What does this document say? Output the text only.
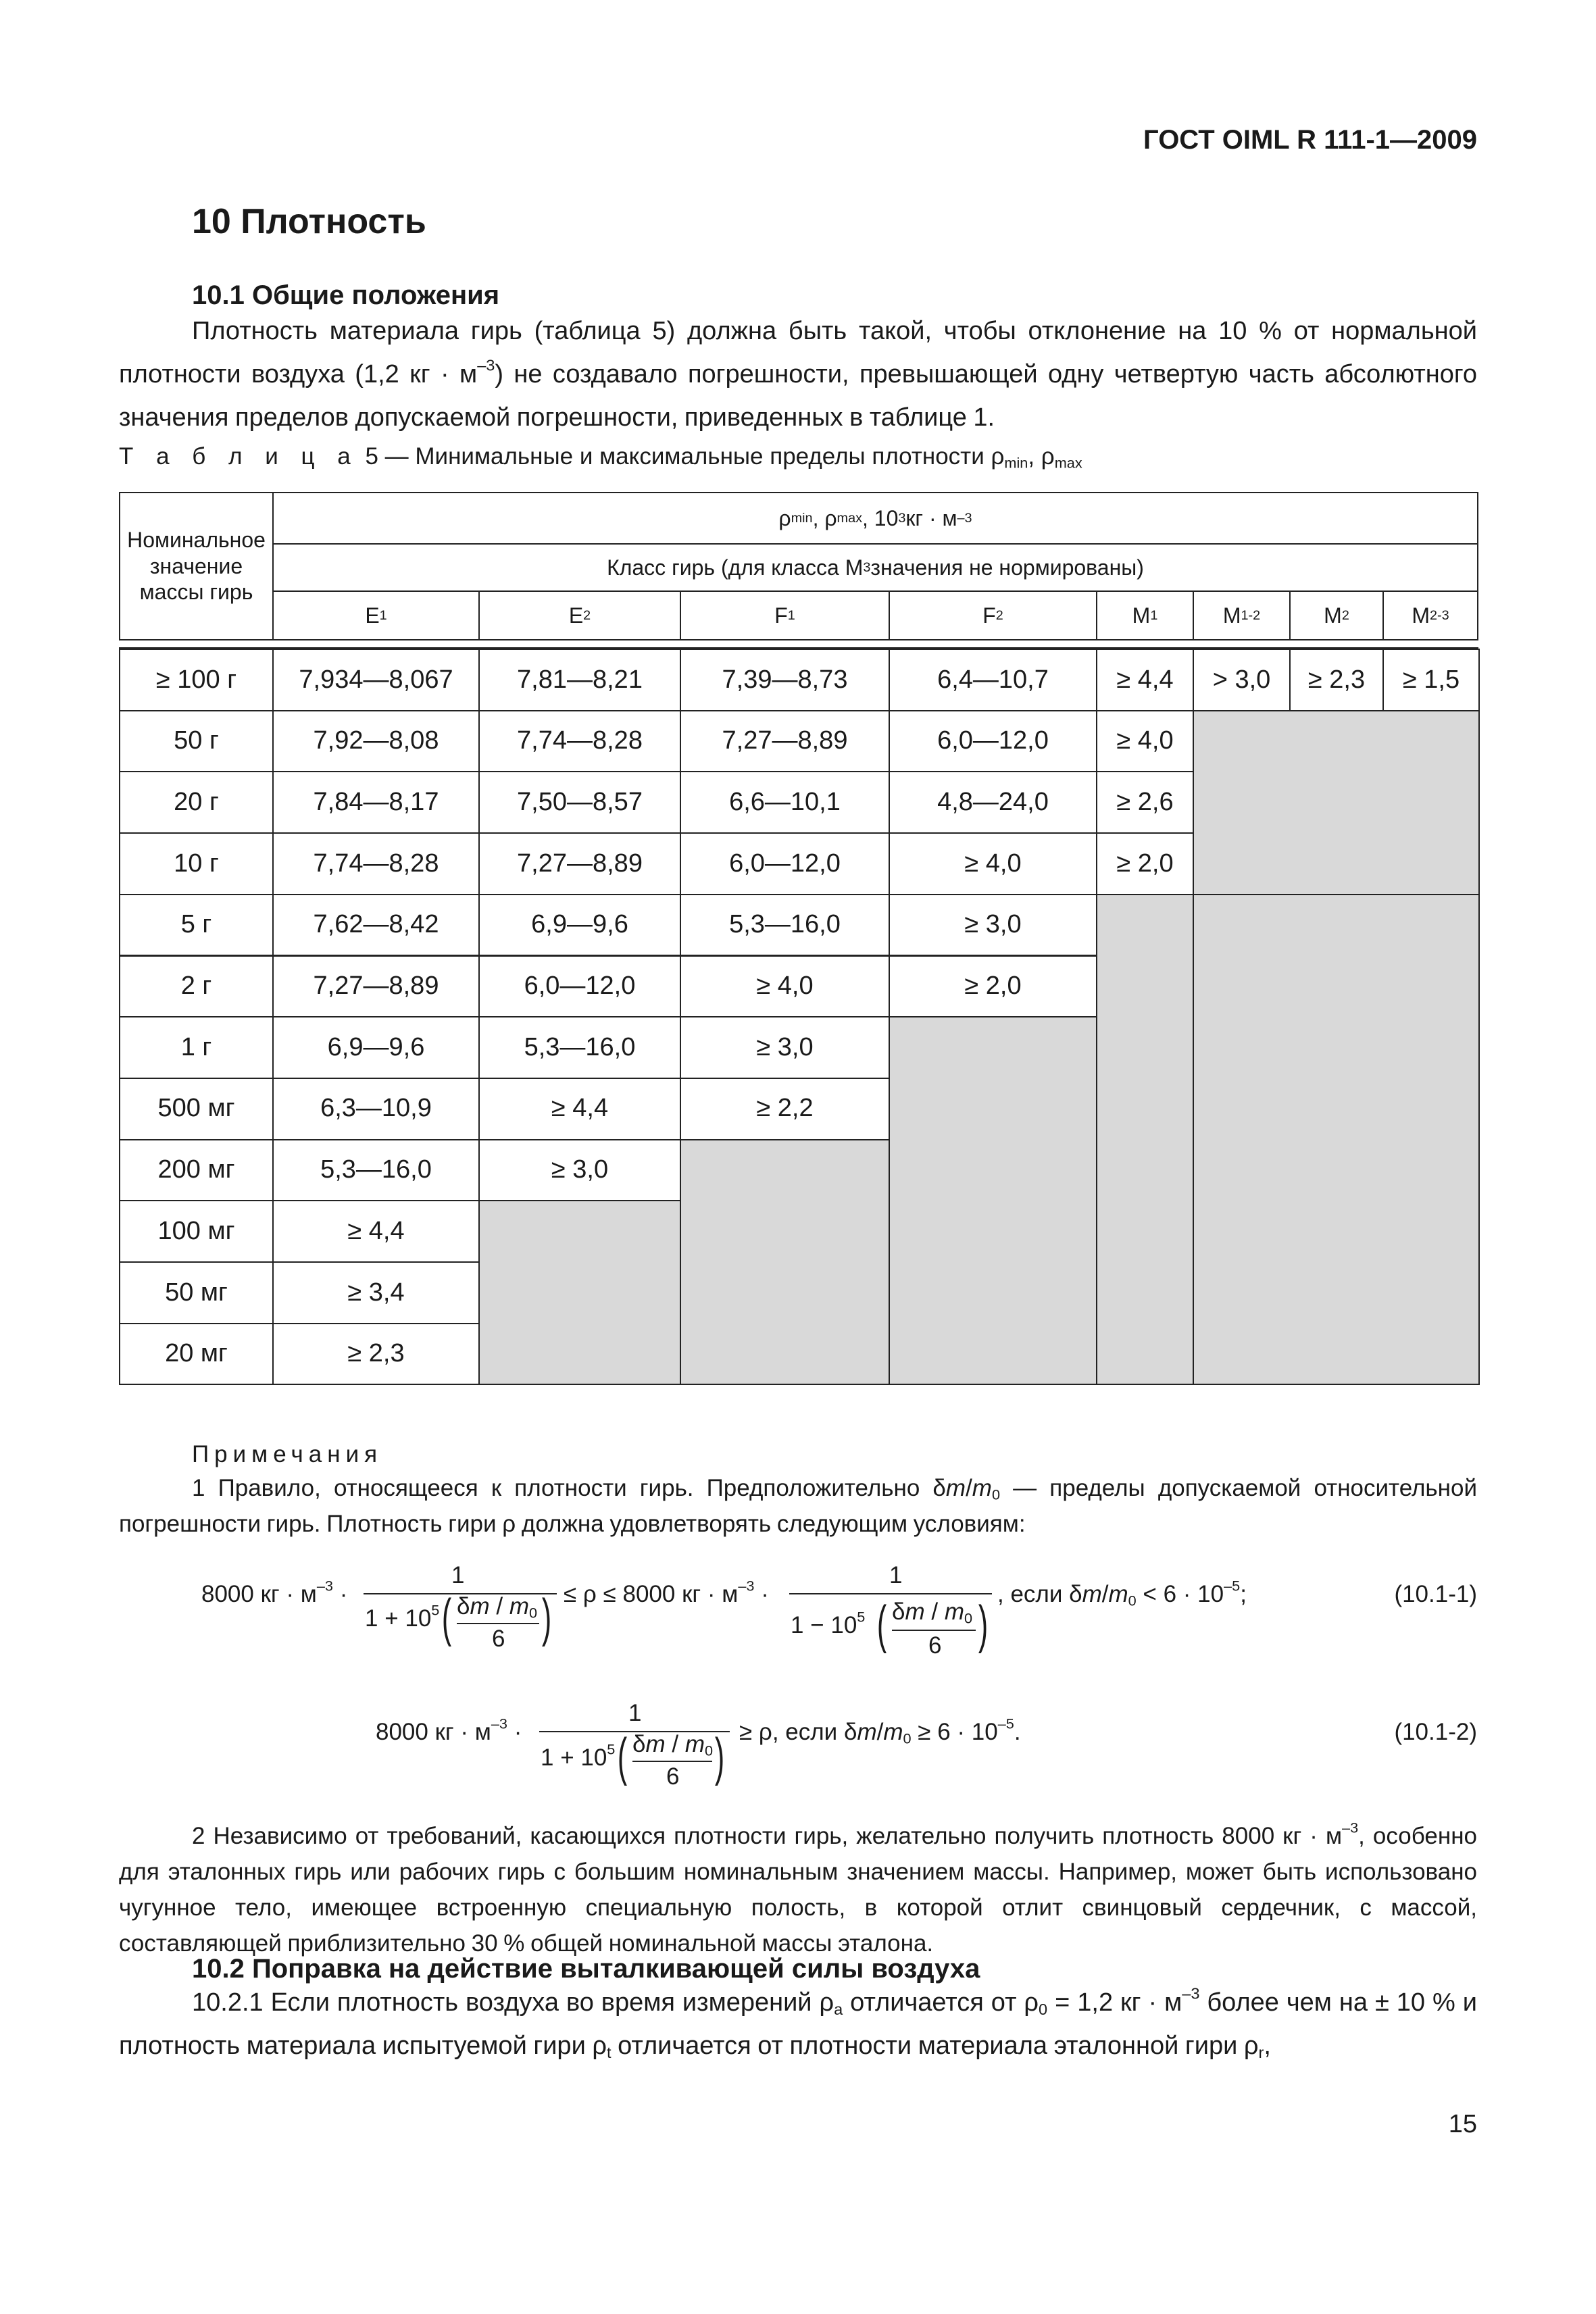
ГОСТ OIML R 111-1—2009
10 Плотность
10.1 Общие положения
Плотность материала гирь (таблица 5) должна быть такой, чтобы отклонение на 10 % от нормальной плотности воздуха (1,2 кг · $м^{-3}$) не создавало погрешности, превышающей одну четвертую часть абсолютного значения пределов допускаемой погрешности, приведенных в таблице 1.
Т а б л и ц а 5 — Минимальные и максимальные пределы плотности $\rho_{min}$, $\rho_{max}$
Номинальное значение массы гирь
ρ min , ρ max , 10 3 кг · м –3
Класс гирь (для класса M 3 значения не нормированы)
E 1	E 2	F 1	F 2	M 1	M 1-2	M 2	M 2-3
≥ 100 г	7,934—8,067	7,81—8,21	7,39—8,73	6,4—10,7	≥ 4,4	> 3,0	≥ 2,3	≥ 1,5
50 г	7,92—8,08	7,74—8,28	7,27—8,89	6,0—12,0	≥ 4,0
20 г	7,84—8,17	7,50—8,57	6,6—10,1	4,8—24,0	≥ 2,6
10 г	7,74—8,28	7,27—8,89	6,0—12,0	≥ 4,0	≥ 2,0
5 г	7,62—8,42	6,9—9,6	5,3—16,0	≥ 3,0
2 г	7,27—8,89	6,0—12,0	≥ 4,0	≥ 2,0
1 г	6,9—9,6	5,3—16,0	≥ 3,0
500 мг	6,3—10,9	≥ 4,4	≥ 2,2
200 мг	5,3—16,0	≥ 3,0
100 мг	≥ 4,4
50 мг	≥ 3,4
20 мг	≥ 2,3
Примечания
1 Правило, относящееся к плотности гирь. Предположительно $\delta m/m_0$ — пределы допускаемой относительной погрешности гирь. Плотность гири ρ должна удовлетворять следующим условиям:
8000 кг · $м^{-3}$ ·
1
$1 + 10^5$ ( δm / $m_0$
6 ) ≤ ρ ≤ 8000 кг · $м^{-3}$ ·
1
$1 - 10^5$ ( δm / $m_0$
6 )
, если $\delta m/m_0 < 6 \cdot 10^{-5}$;	(10.1-1)
8000 кг · $м^{-3}$ ·
1
$1 + 10^5$ ( δm / $m_0$
6 ) ≥ ρ, если $\delta m/m_0 \ge 6 \cdot 10^{-5}$.	(10.1-2)
2 Независимо от требований, касающихся плотности гирь, желательно получить плотность 8000 кг · $м^{-3}$, особенно для эталонных гирь или рабочих гирь с большим номинальным значением массы. Например, может быть использовано чугунное тело, имеющее встроенную специальную полость, в которой отлит свинцовый сердечник, с массой, составляющей приблизительно 30 % общей номинальной массы эталона.
10.2 Поправка на действие выталкивающей силы воздуха
10.2.1 Если плотность воздуха во время измерений $\rho_a$ отличается от $\rho_0 = 1,2$ кг · $м^{-3}$ более чем на ± 10 % и плотность материала испытуемой гири $\rho_t$ отличается от плотности материала эталонной гири $\rho_r$,
15
